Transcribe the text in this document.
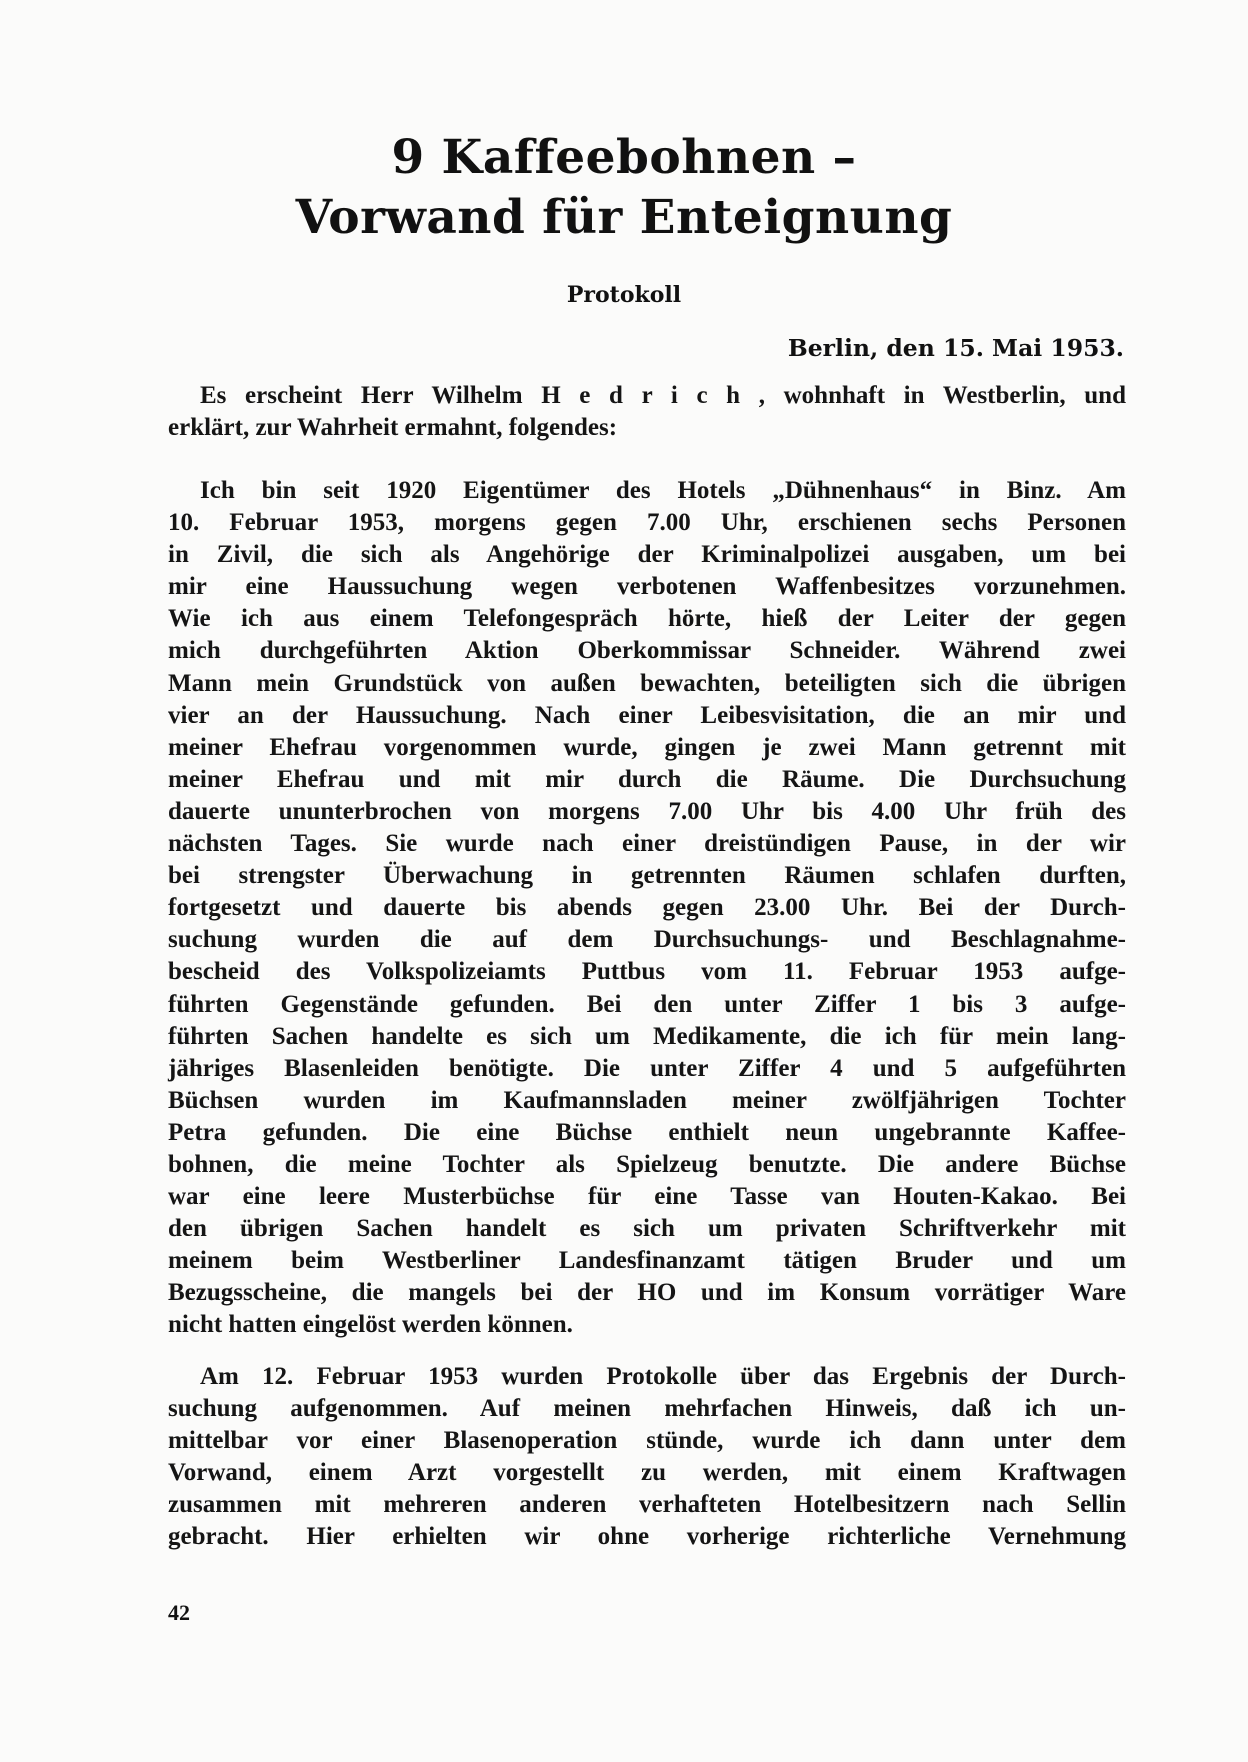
9 Kaffeebohnen –
Vorwand für Enteignung
Protokoll
Berlin, den 15. Mai 1953.
Es erscheint Herr Wilhelm H e d r i c h , wohnhaft in Westberlin, und
erklärt, zur Wahrheit ermahnt, folgendes:
Ich bin seit 1920 Eigentümer des Hotels „Dühnenhaus“ in Binz. Am
10. Februar 1953, morgens gegen 7.00 Uhr, erschienen sechs Personen
in Zivil, die sich als Angehörige der Kriminalpolizei ausgaben, um bei
mir eine Haussuchung wegen verbotenen Waffenbesitzes vorzunehmen.
Wie ich aus einem Telefongespräch hörte, hieß der Leiter der gegen
mich durchgeführten Aktion Oberkommissar Schneider. Während zwei
Mann mein Grundstück von außen bewachten, beteiligten sich die übrigen
vier an der Haussuchung. Nach einer Leibesvisitation, die an mir und
meiner Ehefrau vorgenommen wurde, gingen je zwei Mann getrennt mit
meiner Ehefrau und mit mir durch die Räume. Die Durchsuchung
dauerte ununterbrochen von morgens 7.00 Uhr bis 4.00 Uhr früh des
nächsten Tages. Sie wurde nach einer dreistündigen Pause, in der wir
bei strengster Überwachung in getrennten Räumen schlafen durften,
fortgesetzt und dauerte bis abends gegen 23.00 Uhr. Bei der Durch-
suchung wurden die auf dem Durchsuchungs- und Beschlagnahme-
bescheid des Volkspolizeiamts Puttbus vom 11. Februar 1953 aufge-
führten Gegenstände gefunden. Bei den unter Ziffer 1 bis 3 aufge-
führten Sachen handelte es sich um Medikamente, die ich für mein lang-
jähriges Blasenleiden benötigte. Die unter Ziffer 4 und 5 aufgeführten
Büchsen wurden im Kaufmannsladen meiner zwölfjährigen Tochter
Petra gefunden. Die eine Büchse enthielt neun ungebrannte Kaffee-
bohnen, die meine Tochter als Spielzeug benutzte. Die andere Büchse
war eine leere Musterbüchse für eine Tasse van Houten-Kakao. Bei
den übrigen Sachen handelt es sich um privaten Schriftverkehr mit
meinem beim Westberliner Landesfinanzamt tätigen Bruder und um
Bezugsscheine, die mangels bei der HO und im Konsum vorrätiger Ware
nicht hatten eingelöst werden können.
Am 12. Februar 1953 wurden Protokolle über das Ergebnis der Durch-
suchung aufgenommen. Auf meinen mehrfachen Hinweis, daß ich un-
mittelbar vor einer Blasenoperation stünde, wurde ich dann unter dem
Vorwand, einem Arzt vorgestellt zu werden, mit einem Kraftwagen
zusammen mit mehreren anderen verhafteten Hotelbesitzern nach Sellin
gebracht. Hier erhielten wir ohne vorherige richterliche Vernehmung
42
